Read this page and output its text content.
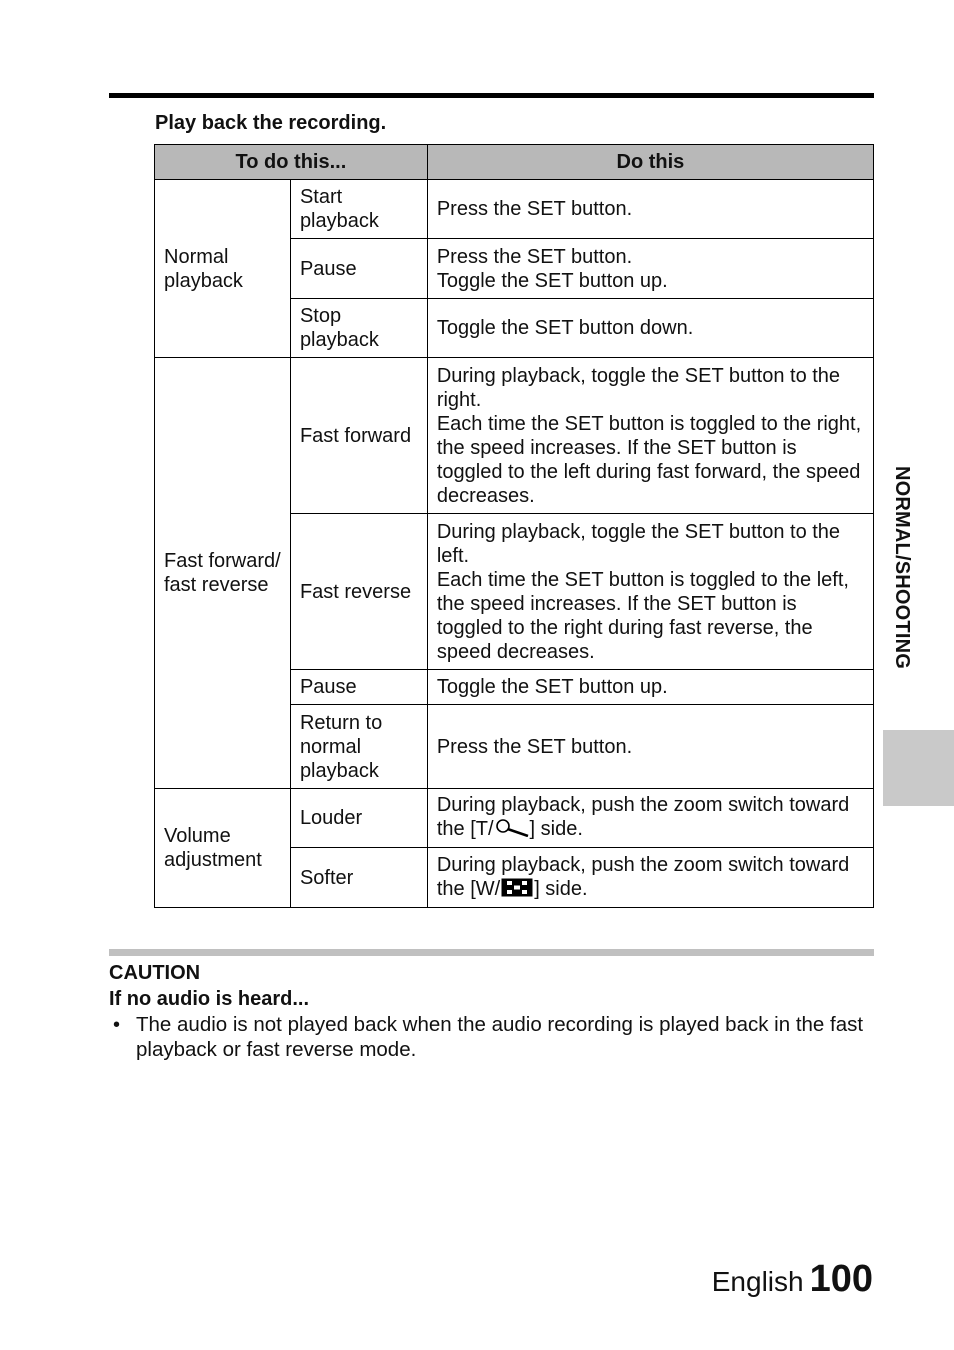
Play back the recording.
To do this...		Do this
Normal playback	Start playback	Press the SET button.
	Pause	Press the SET button.
Toggle the SET button up.
	Stop playback	Toggle the SET button down.
Fast forward/ fast reverse	Fast forward	During playback, toggle the SET button to the right.
Each time the SET button is toggled to the right, the speed increases. If the SET button is toggled to the left during fast forward, the speed decreases.
	Fast reverse	During playback, toggle the SET button to the left.
Each time the SET button is toggled to the left, the speed increases. If the SET button is toggled to the right during fast reverse, the speed decreases.
	Pause	Toggle the SET button up.
	Return to normal playback	Press the SET button.
Volume adjustment	Louder	During playback, push the zoom switch toward the [T/ ] side.
	Softer	During playback, push the zoom switch toward the [W/ ] side.
NORMAL/SHOOTING
CAUTION
If no audio is heard...
• The audio is not played back when the audio recording is played back in the fast playback or fast reverse mode.
English 100
